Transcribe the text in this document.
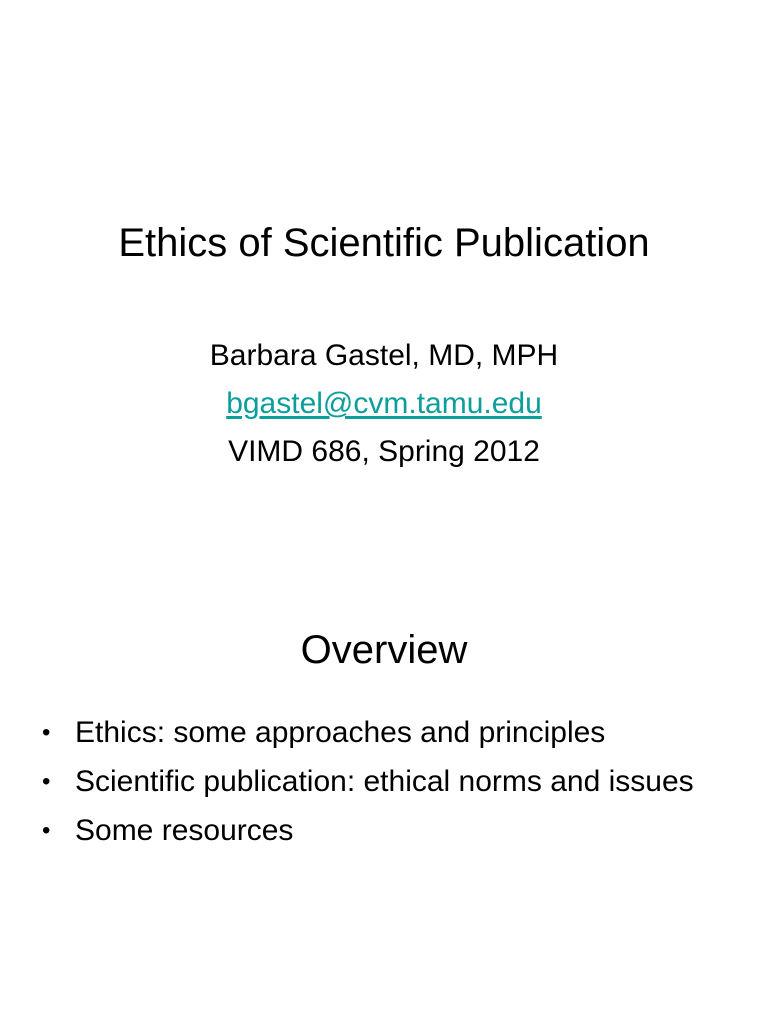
Ethics of Scientific Publication
Barbara Gastel, MD, MPH
bgastel@cvm.tamu.edu
VIMD 686, Spring 2012
Overview
• Ethics: some approaches and principles
• Scientific publication: ethical norms and issues
• Some resources
